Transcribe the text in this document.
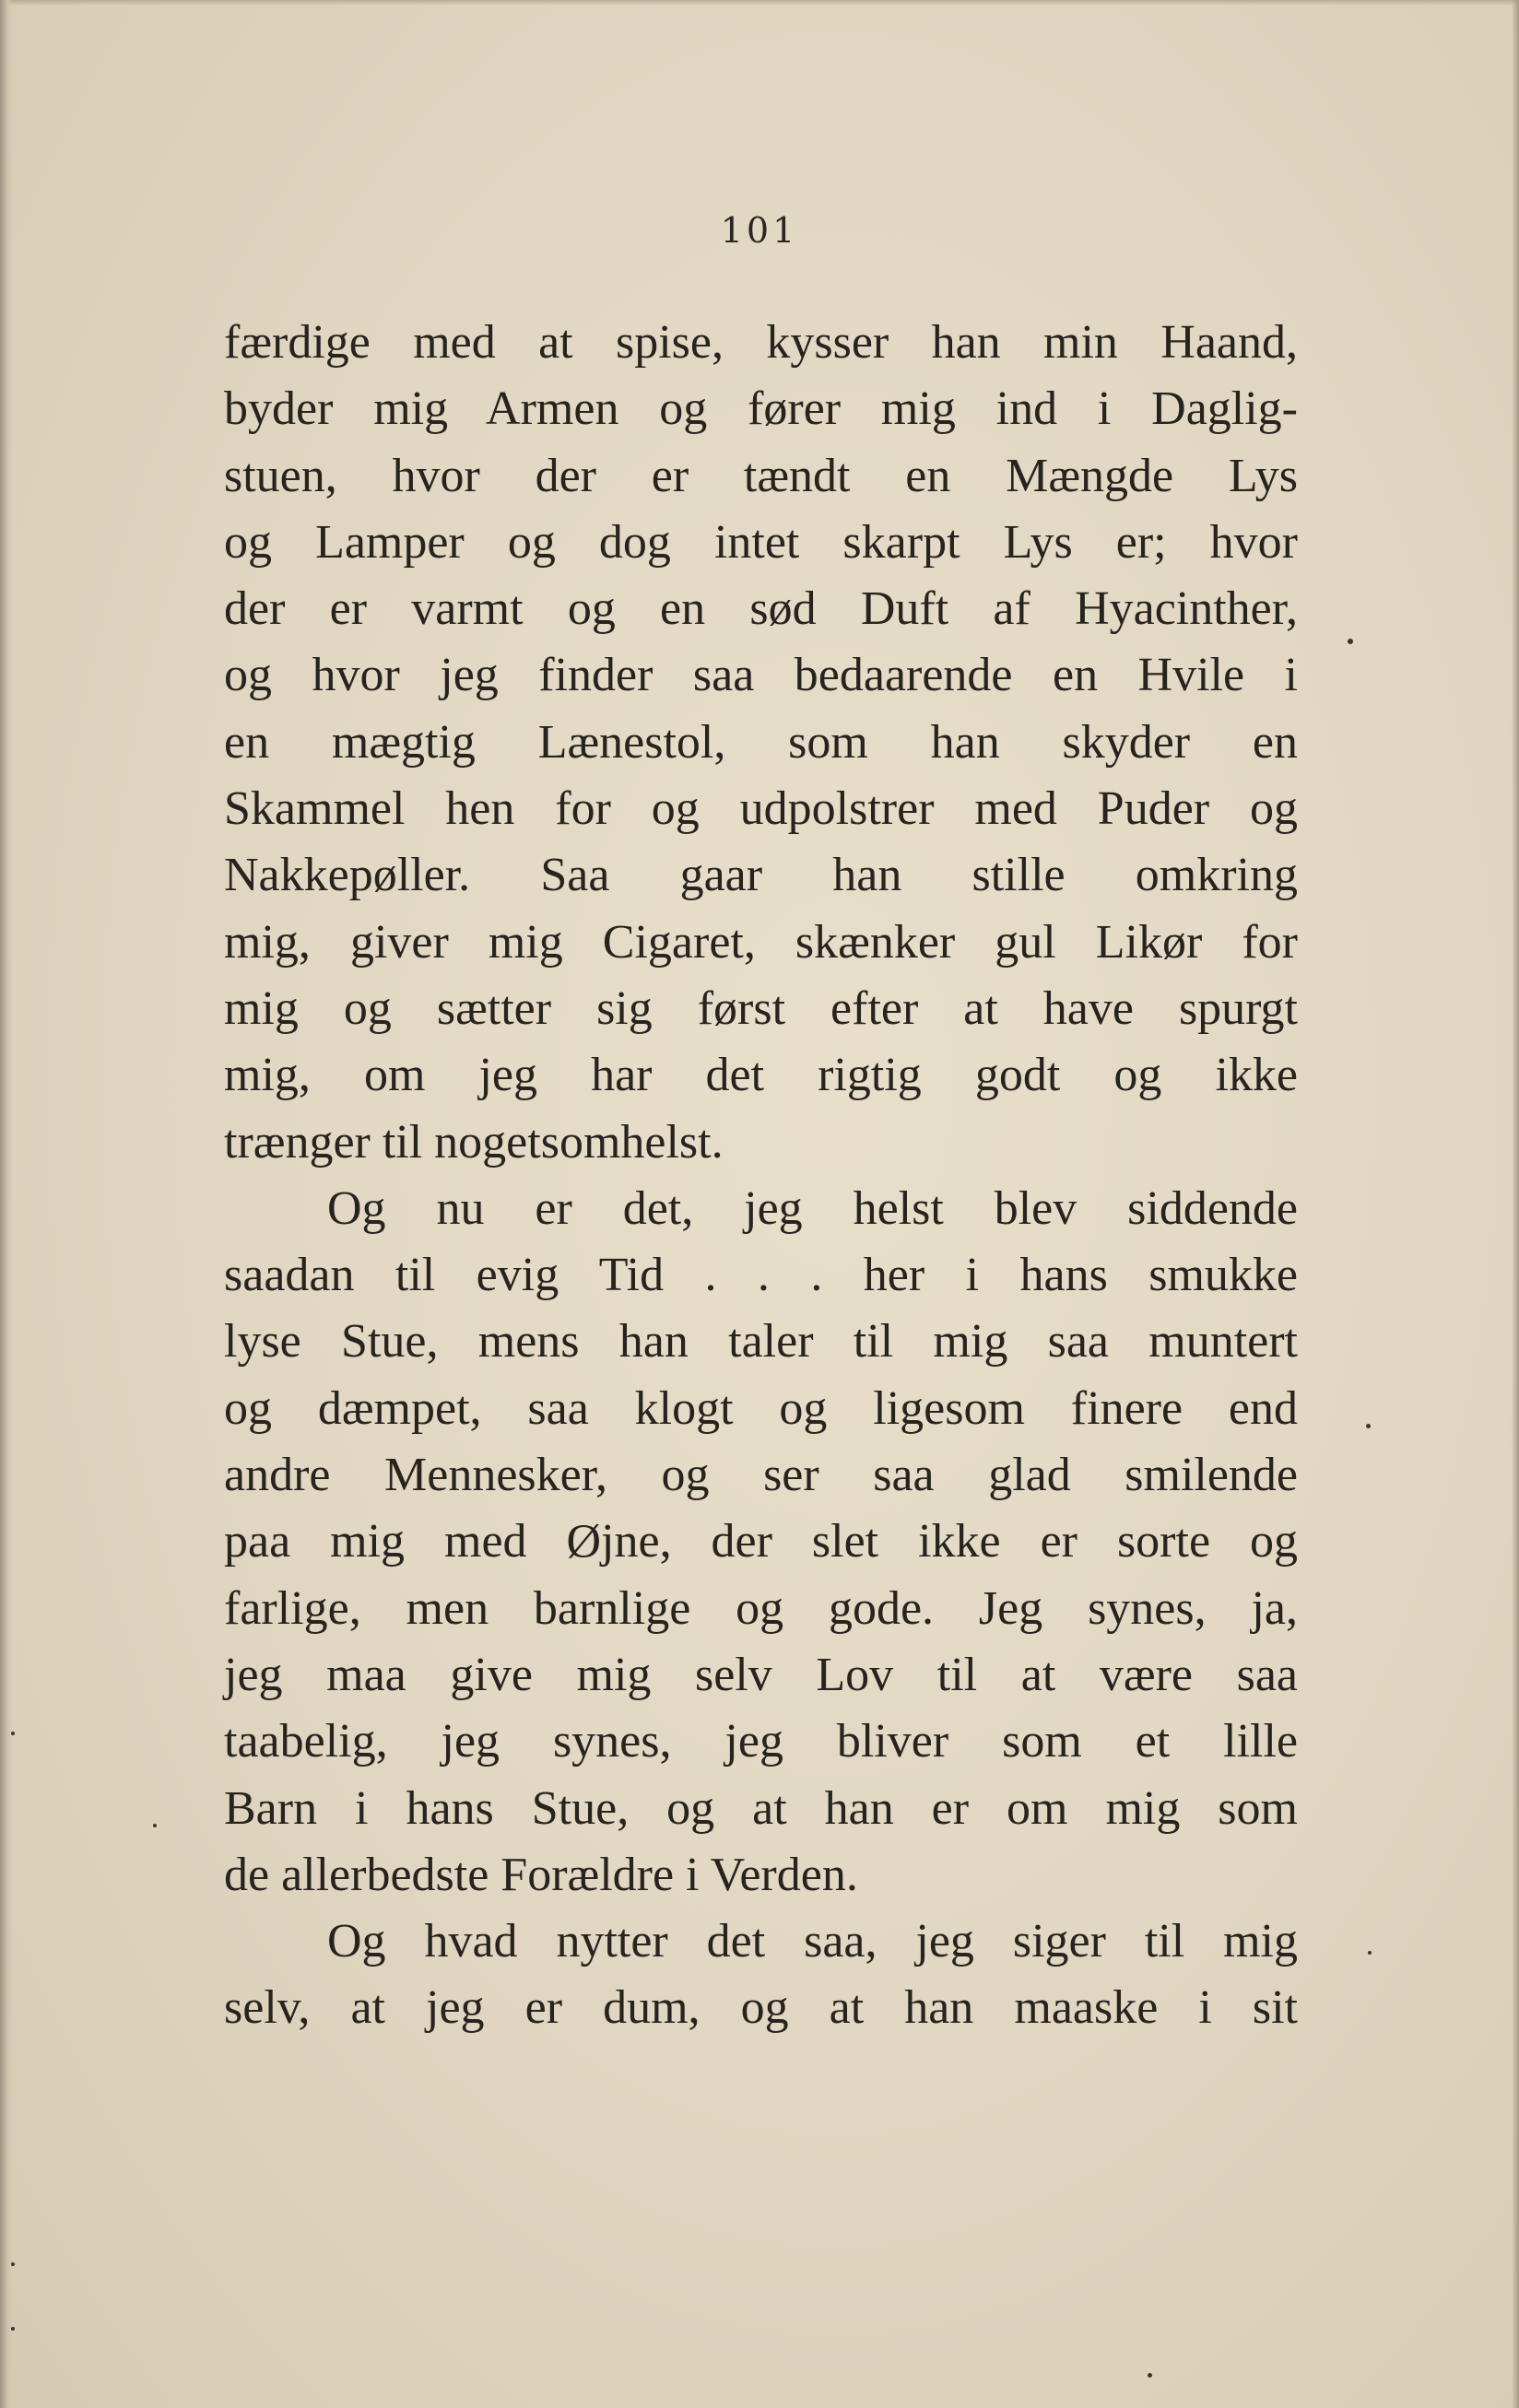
101
færdige med at spise, kysser han min Haand,
byder mig Armen og fører mig ind i Daglig-
stuen, hvor der er tændt en Mængde Lys
og Lamper og dog intet skarpt Lys er; hvor
der er varmt og en sød Duft af Hyacinther,
og hvor jeg finder saa bedaarende en Hvile i
en mægtig Lænestol, som han skyder en
Skammel hen for og udpolstrer med Puder og
Nakkepøller. Saa gaar han stille omkring
mig, giver mig Cigaret, skænker gul Likør for
mig og sætter sig først efter at have spurgt
mig, om jeg har det rigtig godt og ikke
trænger til nogetsomhelst.
Og nu er det, jeg helst blev siddende
saadan til evig Tid . . . her i hans smukke
lyse Stue, mens han taler til mig saa muntert
og dæmpet, saa klogt og ligesom finere end
andre Mennesker, og ser saa glad smilende
paa mig med Øjne, der slet ikke er sorte og
farlige, men barnlige og gode. Jeg synes, ja,
jeg maa give mig selv Lov til at være saa
taabelig, jeg synes, jeg bliver som et lille
Barn i hans Stue, og at han er om mig som
de allerbedste Forældre i Verden.
Og hvad nytter det saa, jeg siger til mig
selv, at jeg er dum, og at han maaske i sit
